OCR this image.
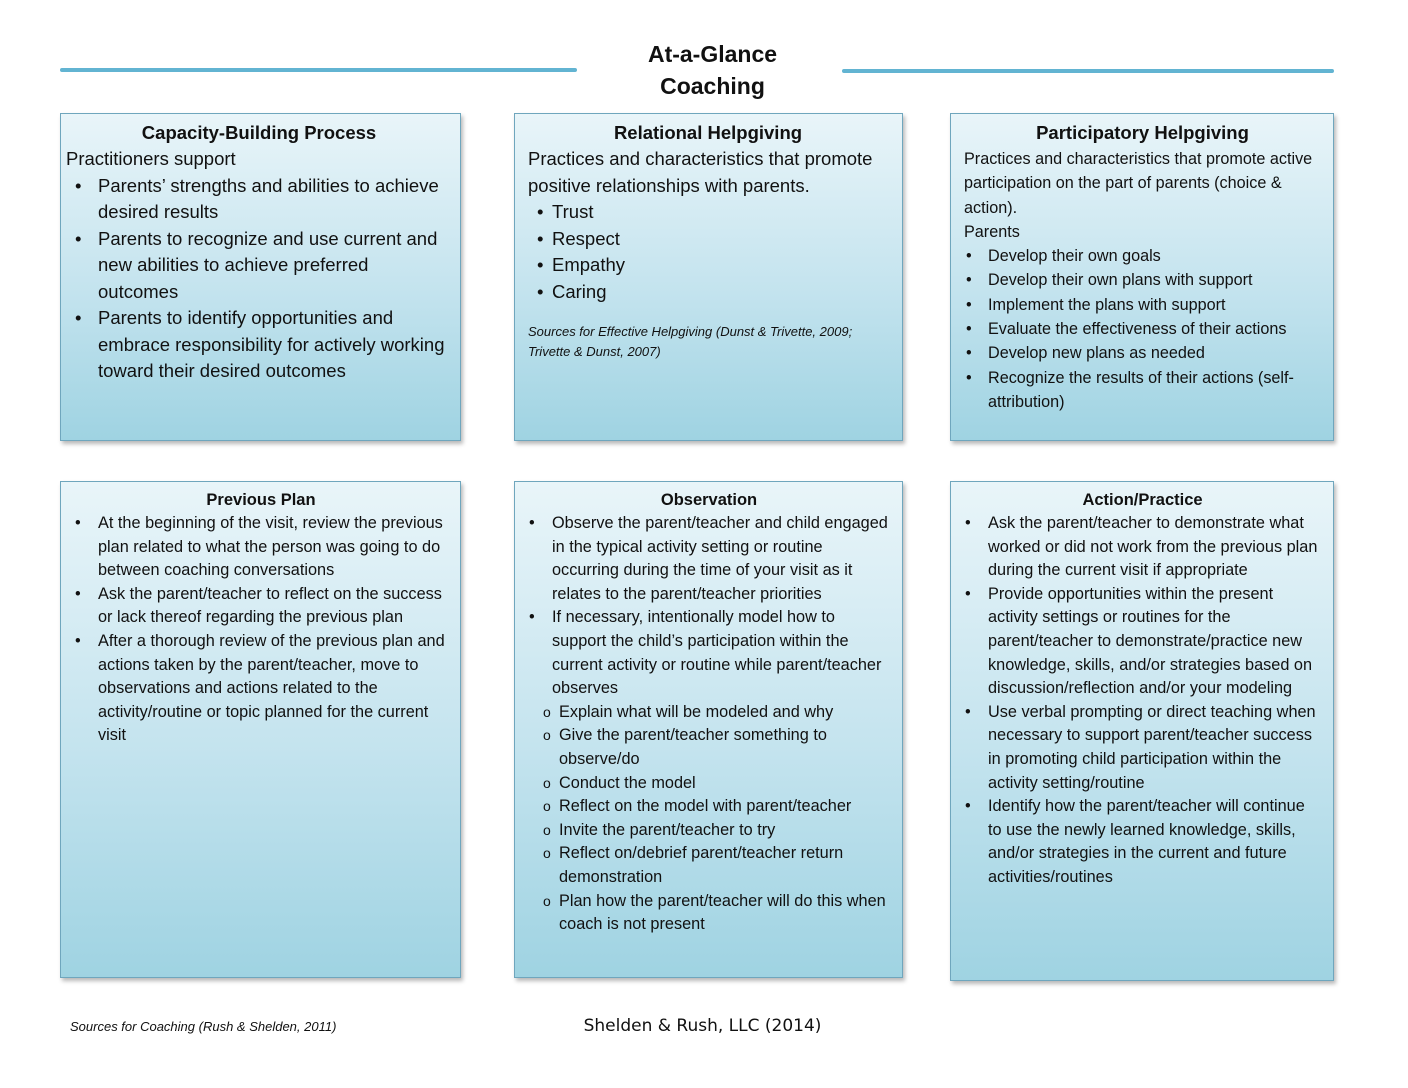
At-a-Glance
Coaching
Capacity-Building Process
Practitioners support
• Parents’ strengths and abilities to achieve desired results
• Parents to recognize and use current and new abilities to achieve preferred outcomes
• Parents to identify opportunities and embrace responsibility for actively working toward their desired outcomes
Relational Helpgiving
Practices and characteristics that promote positive relationships with parents.
• Trust
• Respect
• Empathy
• Caring
Sources for Effective Helpgiving (Dunst & Trivette, 2009; Trivette & Dunst, 2007)
Participatory Helpgiving
Practices and characteristics that promote active participation on the part of parents (choice & action).
Parents
• Develop their own goals
• Develop their own plans with support
• Implement the plans with support
• Evaluate the effectiveness of their actions
• Develop new plans as needed
• Recognize the results of their actions (self-attribution)
Previous Plan
• At the beginning of the visit, review the previous plan related to what the person was going to do between coaching conversations
• Ask the parent/teacher to reflect on the success or lack thereof regarding the previous plan
• After a thorough review of the previous plan and actions taken by the parent/teacher, move to observations and actions related to the activity/routine or topic planned for the current visit
Observation
• Observe the parent/teacher and child engaged in the typical activity setting or routine occurring during the time of your visit as it relates to the parent/teacher priorities
• If necessary, intentionally model how to support the child’s participation within the current activity or routine while parent/teacher observes
o Explain what will be modeled and why
o Give the parent/teacher something to observe/do
o Conduct the model
o Reflect on the model with parent/teacher
o Invite the parent/teacher to try
o Reflect on/debrief parent/teacher return demonstration
o Plan how the parent/teacher will do this when coach is not present
Action/Practice
• Ask the parent/teacher to demonstrate what worked or did not work from the previous plan during the current visit if appropriate
• Provide opportunities within the present activity settings or routines for the parent/teacher to demonstrate/practice new knowledge, skills, and/or strategies based on discussion/reflection and/or your modeling
• Use verbal prompting or direct teaching when necessary to support parent/teacher success in promoting child participation within the activity setting/routine
• Identify how the parent/teacher will continue to use the newly learned knowledge, skills, and/or strategies in the current and future activities/routines
Sources for Coaching (Rush & Shelden, 2011)	Shelden & Rush, LLC (2014)
